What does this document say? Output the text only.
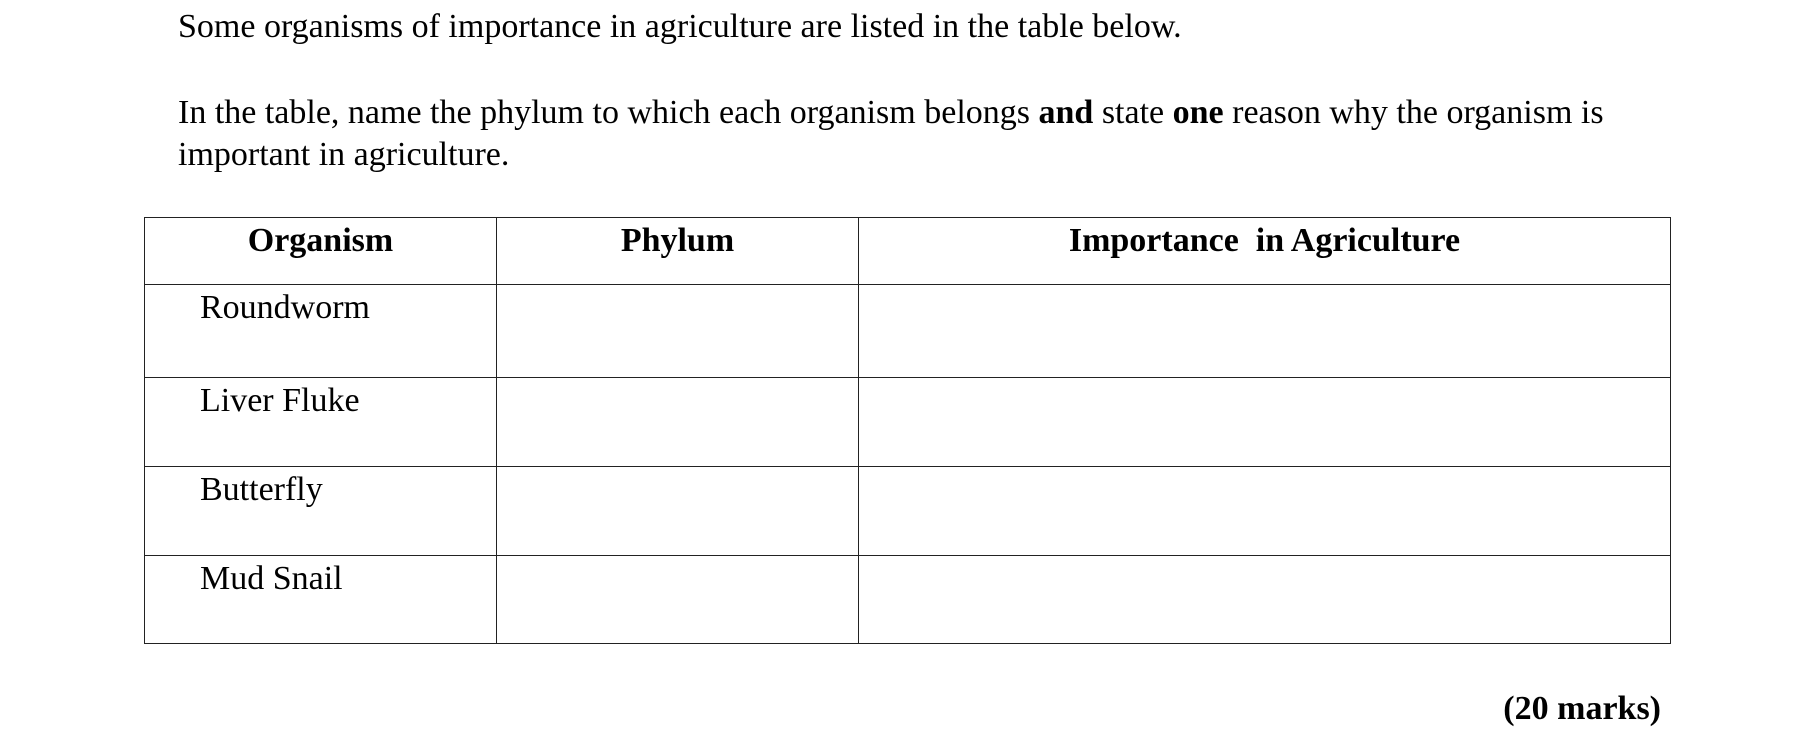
Some organisms of importance in agriculture are listed in the table below.

In the table, name the phylum to which each organism belongs and state one reason why the organism is important in agriculture.

Organism	Phylum	Importance  in Agriculture
Roundworm		
Liver Fluke		
Butterfly		
Mud Snail		

(20 marks)
